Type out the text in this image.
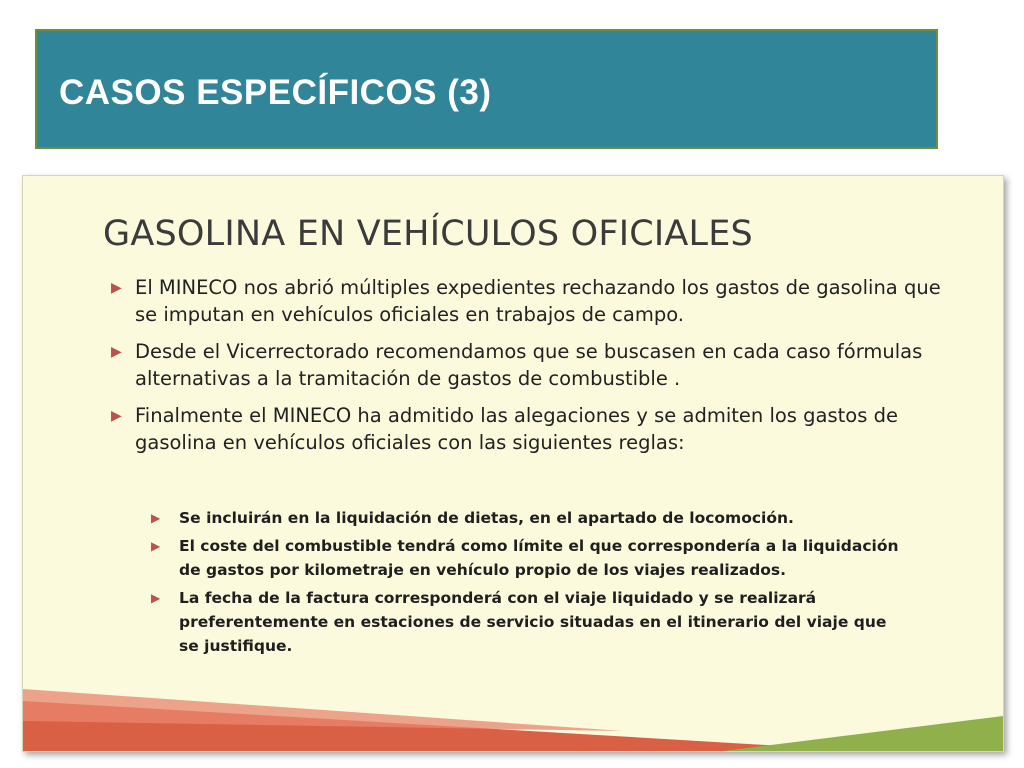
CASOS ESPECÍFICOS (3)
GASOLINA EN VEHÍCULOS OFICIALES
▶ El MINECO nos abrió múltiples expedientes rechazando los gastos de gasolina que se imputan en vehículos oficiales en trabajos de campo.
▶ Desde el Vicerrectorado recomendamos que se buscasen en cada caso fórmulas alternativas a la tramitación de gastos de combustible .
▶ Finalmente el MINECO ha admitido las alegaciones y se admiten los gastos de gasolina en vehículos oficiales con las siguientes reglas:
▶ Se incluirán en la liquidación de dietas, en el apartado de locomoción.
▶ El coste del combustible tendrá como límite el que correspondería a la liquidación de gastos por kilometraje en vehículo propio de los viajes realizados.
▶ La fecha de la factura corresponderá con el viaje liquidado y se realizará preferentemente en estaciones de servicio situadas en el itinerario del viaje que se justifique.
